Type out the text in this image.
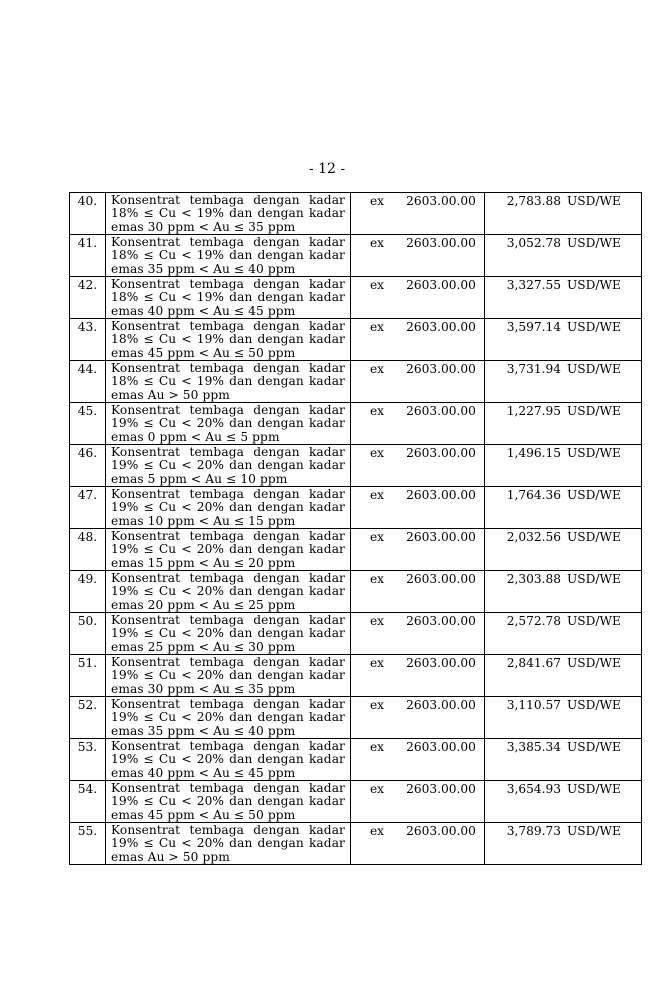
- 12 -
40.	Konsentrat tembaga dengan kadar 18% ≤ Cu < 19% dan dengan kadar emas 30 ppm < Au ≤ 35 ppm	ex 2603.00.00	2,783.88 USD/WE
41.	Konsentrat tembaga dengan kadar 18% ≤ Cu < 19% dan dengan kadar emas 35 ppm < Au ≤ 40 ppm	ex 2603.00.00	3,052.78 USD/WE
42.	Konsentrat tembaga dengan kadar 18% ≤ Cu < 19% dan dengan kadar emas 40 ppm < Au ≤ 45 ppm	ex 2603.00.00	3,327.55 USD/WE
43.	Konsentrat tembaga dengan kadar 18% ≤ Cu < 19% dan dengan kadar emas 45 ppm < Au ≤ 50 ppm	ex 2603.00.00	3,597.14 USD/WE
44.	Konsentrat tembaga dengan kadar 18% ≤ Cu < 19% dan dengan kadar emas Au > 50 ppm	ex 2603.00.00	3,731.94 USD/WE
45.	Konsentrat tembaga dengan kadar 19% ≤ Cu < 20% dan dengan kadar emas 0 ppm < Au ≤ 5 ppm	ex 2603.00.00	1,227.95 USD/WE
46.	Konsentrat tembaga dengan kadar 19% ≤ Cu < 20% dan dengan kadar emas 5 ppm < Au ≤ 10 ppm	ex 2603.00.00	1,496.15 USD/WE
47.	Konsentrat tembaga dengan kadar 19% ≤ Cu < 20% dan dengan kadar emas 10 ppm < Au ≤ 15 ppm	ex 2603.00.00	1,764.36 USD/WE
48.	Konsentrat tembaga dengan kadar 19% ≤ Cu < 20% dan dengan kadar emas 15 ppm < Au ≤ 20 ppm	ex 2603.00.00	2,032.56 USD/WE
49.	Konsentrat tembaga dengan kadar 19% ≤ Cu < 20% dan dengan kadar emas 20 ppm < Au ≤ 25 ppm	ex 2603.00.00	2,303.88 USD/WE
50.	Konsentrat tembaga dengan kadar 19% ≤ Cu < 20% dan dengan kadar emas 25 ppm < Au ≤ 30 ppm	ex 2603.00.00	2,572.78 USD/WE
51.	Konsentrat tembaga dengan kadar 19% ≤ Cu < 20% dan dengan kadar emas 30 ppm < Au ≤ 35 ppm	ex 2603.00.00	2,841.67 USD/WE
52.	Konsentrat tembaga dengan kadar 19% ≤ Cu < 20% dan dengan kadar emas 35 ppm < Au ≤ 40 ppm	ex 2603.00.00	3,110.57 USD/WE
53.	Konsentrat tembaga dengan kadar 19% ≤ Cu < 20% dan dengan kadar emas 40 ppm < Au ≤ 45 ppm	ex 2603.00.00	3,385.34 USD/WE
54.	Konsentrat tembaga dengan kadar 19% ≤ Cu < 20% dan dengan kadar emas 45 ppm < Au ≤ 50 ppm	ex 2603.00.00	3,654.93 USD/WE
55.	Konsentrat tembaga dengan kadar 19% ≤ Cu < 20% dan dengan kadar emas Au > 50 ppm	ex 2603.00.00	3,789.73 USD/WE
